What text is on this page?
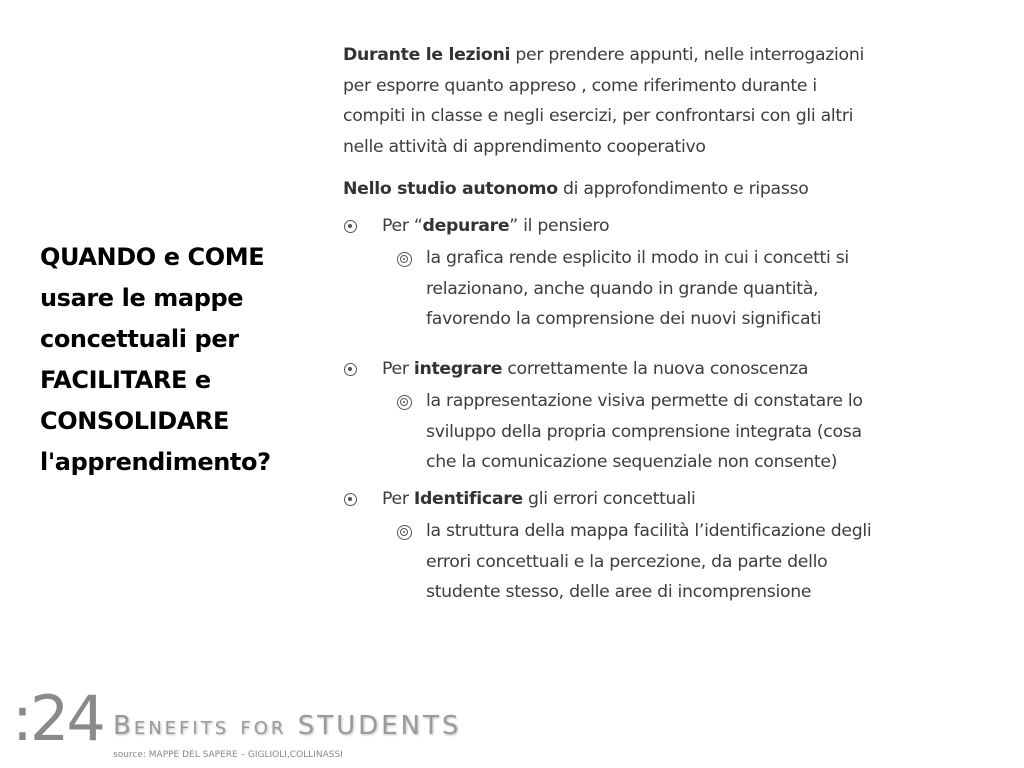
QUANDO e COME
usare le mappe
concettuali per
FACILITARE e
CONSOLIDARE
l'apprendimento?
Durante le lezioni per prendere appunti, nelle interrogazioni
per esporre quanto appreso , come riferimento durante i
compiti in classe e negli esercizi, per confrontarsi con gli altri
nelle attività di apprendimento cooperativo
Nello studio autonomo di approfondimento e ripasso
Per “depurare” il pensiero
la grafica rende esplicito il modo in cui i concetti si
relazionano, anche quando in grande quantità,
favorendo la comprensione dei nuovi significati
Per integrare correttamente la nuova conoscenza
la rappresentazione visiva permette di constatare lo
sviluppo della propria comprensione integrata (cosa
che la comunicazione sequenziale non consente)
Per Identificare gli errori concettuali
la struttura della mappa facilità l’identificazione degli
errori concettuali e la percezione, da parte dello
studente stesso, delle aree di incomprensione
:24 Benefits for STUDENTS
source: MAPPE DEL SAPERE – GIGLIOLI,COLLINASSI
